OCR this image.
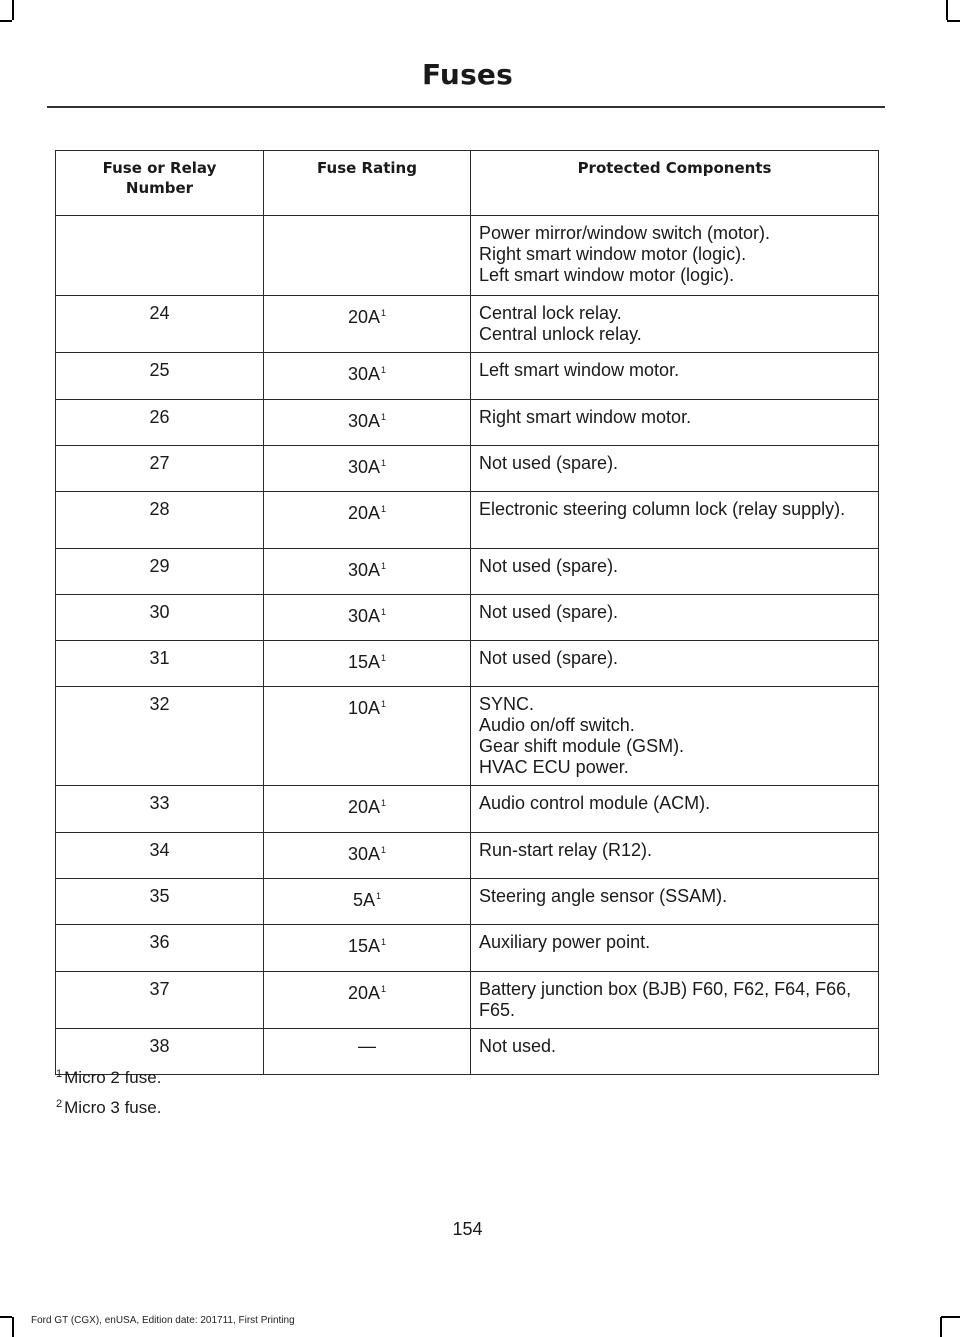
Fuses
Fuse or Relay Number	Fuse Rating	Protected Components

		Power mirror/window switch (motor).
Right smart window motor (logic).
Left smart window motor (logic).

24	$20A^1$	Central lock relay.
Central unlock relay.

25	$30A^1$	Left smart window motor.

26	$30A^1$	Right smart window motor.

27	$30A^1$	Not used (spare).

28	$20A^1$	Electronic steering column lock (relay supply).

29	$30A^1$	Not used (spare).

30	$30A^1$	Not used (spare).

31	$15A^1$	Not used (spare).

32	$10A^1$	SYNC.
Audio on/off switch.
Gear shift module (GSM).
HVAC ECU power.

33	$20A^1$	Audio control module (ACM).

34	$30A^1$	Run-start relay (R12).

35	$5A^1$	Steering angle sensor (SSAM).

36	$15A^1$	Auxiliary power point.

37	$20A^1$	Battery junction box (BJB) F60, F62, F64, F66, F65.

38	—	Not used.
$^1$ Micro 2 fuse.
$^2$ Micro 3 fuse.
154
Ford GT (CGX), enUSA, Edition date: 201711, First Printing
